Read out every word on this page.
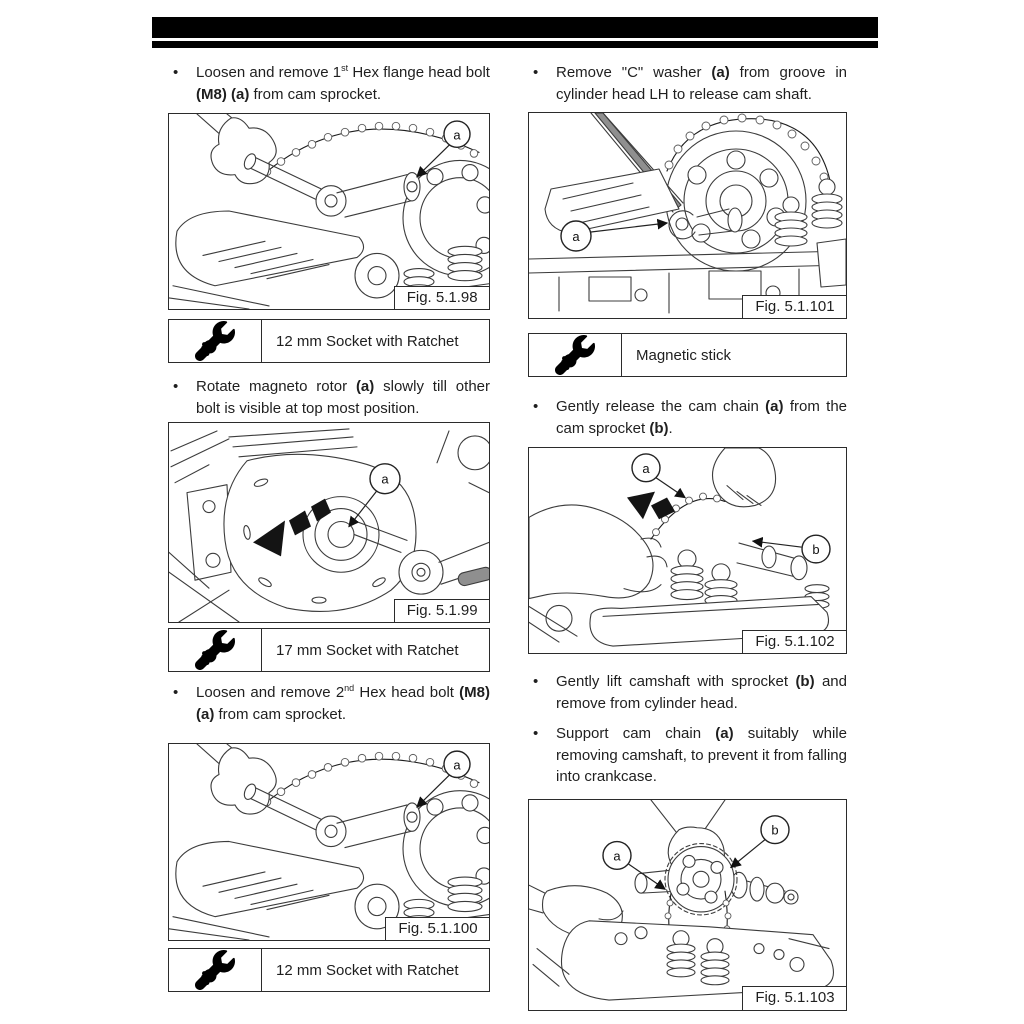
•	Loosen and remove 1st Hex flange head bolt (M8) (a) from cam sprocket.
a
Fig. 5.1.98
12 mm Socket with Ratchet
•	Rotate magneto rotor (a) slowly till other bolt is visible at top most position.
a
Fig. 5.1.99
17 mm Socket with Ratchet
•	Loosen and remove 2nd Hex head bolt (M8) (a) from cam sprocket.
a
Fig. 5.1.100
12 mm Socket with Ratchet
•	Remove "C" washer (a) from groove in cylinder head LH to release cam shaft.
a
Fig. 5.1.101
Magnetic stick
•	Gently release the cam chain (a) from the cam sprocket (b).
a
b
Fig. 5.1.102
•	Gently lift camshaft with sprocket (b) and remove from cylinder head.
•	Support cam chain (a) suitably while removing camshaft, to prevent it from falling into crankcase.
a
b
Fig. 5.1.103
